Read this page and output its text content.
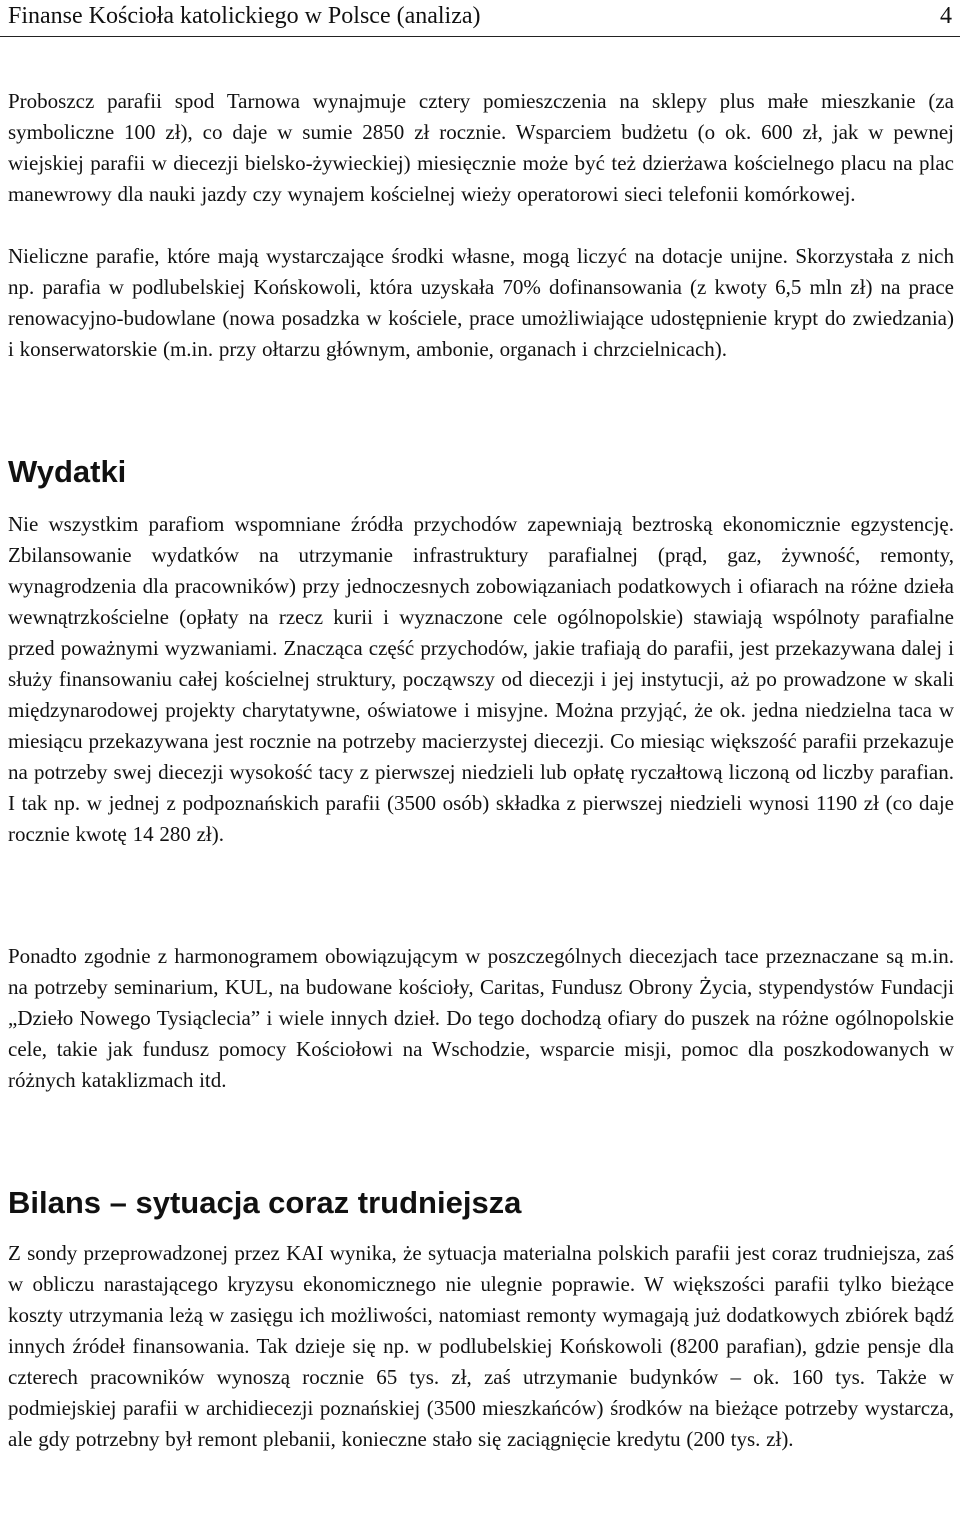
Finanse Kościoła katolickiego w Polsce (analiza)	4

Proboszcz parafii spod Tarnowa wynajmuje cztery pomieszczenia na sklepy plus małe mieszkanie (za symboliczne 100 zł), co daje w sumie 2850 zł rocznie. Wsparciem budżetu (o ok. 600 zł, jak w pewnej wiejskiej parafii w diecezji bielsko-żywieckiej) miesięcznie może być też dzierżawa kościelnego placu na plac manewrowy dla nauki jazdy czy wynajem kościelnej wieży operatorowi sieci telefonii komórkowej.

Nieliczne parafie, które mają wystarczające środki własne, mogą liczyć na dotacje unijne. Skorzystała z nich np. parafia w podlubelskiej Końskowoli, która uzyskała 70% dofinansowania (z kwoty 6,5 mln zł) na prace renowacyjno-budowlane (nowa posadzka w kościele, prace umożliwiające udostępnienie krypt do zwiedzania) i konserwatorskie (m.in. przy ołtarzu głównym, ambonie, organach i chrzcielnicach).

Wydatki

Nie wszystkim parafiom wspomniane źródła przychodów zapewniają beztroską ekonomicznie egzystencję. Zbilansowanie wydatków na utrzymanie infrastruktury parafialnej (prąd, gaz, żywność, remonty, wynagrodzenia dla pracowników) przy jednoczesnych zobowiązaniach podatkowych i ofiarach na różne dzieła wewnątrzkościelne (opłaty na rzecz kurii i wyznaczone cele ogólnopolskie) stawiają wspólnoty parafialne przed poważnymi wyzwaniami. Znacząca część przychodów, jakie trafiają do parafii, jest przekazywana dalej i służy finansowaniu całej kościelnej struktury, począwszy od diecezji i jej instytucji, aż po prowadzone w skali międzynarodowej projekty charytatywne, oświatowe i misyjne. Można przyjąć, że ok. jedna niedzielna taca w miesiącu przekazywana jest rocznie na potrzeby macierzystej diecezji. Co miesiąc większość parafii przekazuje na potrzeby swej diecezji wysokość tacy z pierwszej niedzieli lub opłatę ryczałtową liczoną od liczby parafian. I tak np. w jednej z podpoznańskich parafii (3500 osób) składka z pierwszej niedzieli wynosi 1190 zł (co daje rocznie kwotę 14 280 zł).

Ponadto zgodnie z harmonogramem obowiązującym w poszczególnych diecezjach tace przeznaczane są m.in. na potrzeby seminarium, KUL, na budowane kościoły, Caritas, Fundusz Obrony Życia, stypendystów Fundacji „Dzieło Nowego Tysiąclecia” i wiele innych dzieł. Do tego dochodzą ofiary do puszek na różne ogólnopolskie cele, takie jak fundusz pomocy Kościołowi na Wschodzie, wsparcie misji, pomoc dla poszkodowanych w różnych kataklizmach itd.

Bilans – sytuacja coraz trudniejsza

Z sondy przeprowadzonej przez KAI wynika, że sytuacja materialna polskich parafii jest coraz trudniejsza, zaś w obliczu narastającego kryzysu ekonomicznego nie ulegnie poprawie. W większości parafii tylko bieżące koszty utrzymania leżą w zasięgu ich możliwości, natomiast remonty wymagają już dodatkowych zbiórek bądź innych źródeł finansowania. Tak dzieje się np. w podlubelskiej Końskowoli (8200 parafian), gdzie pensje dla czterech pracowników wynoszą rocznie 65 tys. zł, zaś utrzymanie budynków – ok. 160 tys. Także w podmiejskiej parafii w archidiecezji poznańskiej (3500 mieszkańców) środków na bieżące potrzeby wystarcza, ale gdy potrzebny był remont plebanii, konieczne stało się zaciągnięcie kredytu (200 tys. zł).
